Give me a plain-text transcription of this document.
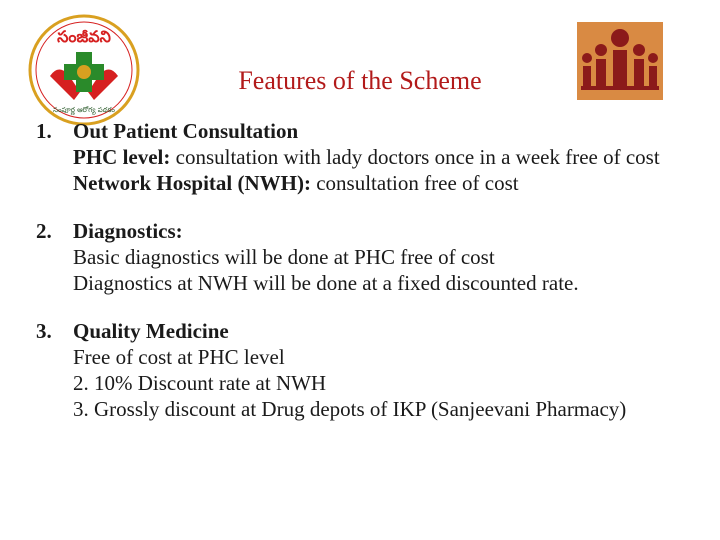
సంజీవని
సంపూర్ణ ఆరోగ్య పథకం
Features of the Scheme
1.	Out Patient Consultation
PHC level: consultation with lady doctors once in a week free of cost
Network Hospital (NWH): consultation free of cost
2.	Diagnostics:
Basic diagnostics will be done at PHC free of cost
Diagnostics at NWH will be done at a fixed discounted rate.
3.	Quality Medicine
Free of cost at PHC level
2. 10% Discount rate at NWH
3. Grossly discount at Drug depots of IKP (Sanjeevani Pharmacy)
